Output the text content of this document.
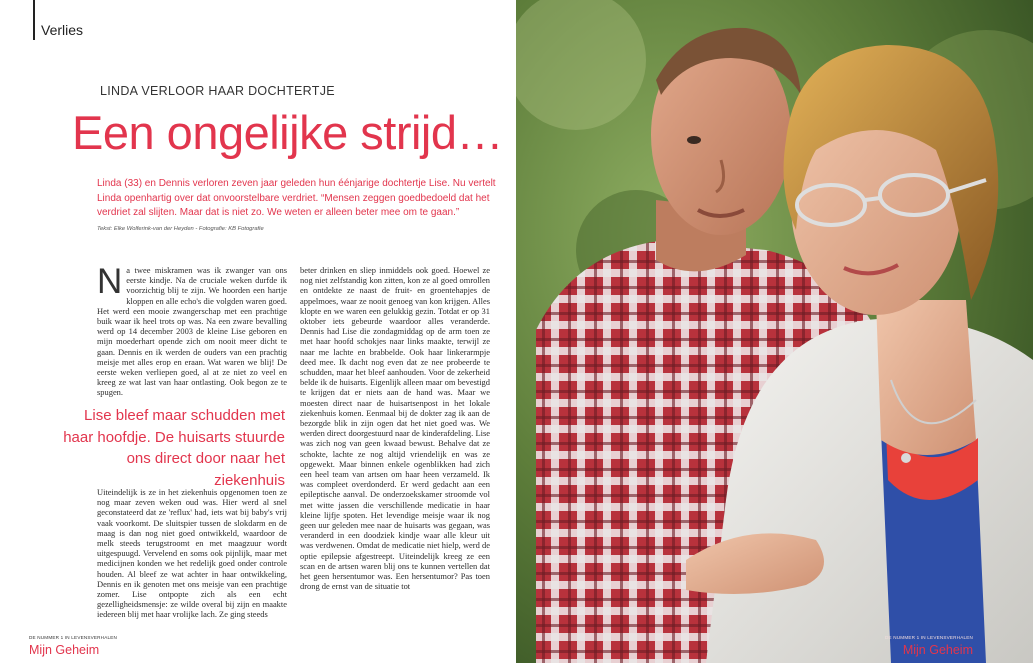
Verlies
LINDA VERLOOR HAAR DOCHTERTJE
Een ongelijke strijd…
Linda (33) en Dennis verloren zeven jaar geleden hun éénjarige dochtertje Lise. Nu vertelt Linda openhartig over dat onvoorstelbare verdriet. “Mensen zeggen goedbedoeld dat het verdriet zal slijten. Maar dat is niet zo. We weten er alleen beter mee om te gaan.”
Tekst: Elke Wolferink-van der Heyden - Fotografie: KB Fotografie
N a twee miskramen was ik zwanger van ons eerste kindje. Na de cruciale weken durfde ik voorzichtig blij te zijn. We hoorden een hartje kloppen en alle echo's die volgden waren goed. Het werd een mooie zwangerschap met een prachtige buik waar ik heel trots op was. Na een zware bevalling werd op 14 december 2003 de kleine Lise geboren en mijn moederhart opende zich om nooit meer dicht te gaan. Dennis en ik werden de ouders van een prachtig meisje met alles erop en eraan. Wat waren we blij! De eerste weken verliepen goed, al at ze niet zo veel en kreeg ze wat last van haar ontlasting. Ook begon ze te spugen.
Lise bleef maar schudden met haar hoofdje. De huisarts stuurde ons direct door naar het ziekenhuis
Uiteindelijk is ze in het ziekenhuis opgenomen toen ze nog maar zeven weken oud was. Hier werd al snel geconstateerd dat ze 'reflux' had, iets wat bij baby's vrij vaak voorkomt. De sluitspier tussen de slokdarm en de maag is dan nog niet goed ontwikkeld, waardoor de melk steeds terugstroomt en met maagzuur wordt uitgespuugd. Vervelend en soms ook pijnlijk, maar met medicijnen konden we het redelijk goed onder controle houden. Al bleef ze wat achter in haar ontwikkeling, Dennis en ik genoten met ons meisje van een prachtige zomer. Lise ontpopte zich als een echt gezelligheidsmensje: ze wilde overal bij zijn en maakte iedereen blij met haar vrolijke lach. Ze ging steeds
beter drinken en sliep inmiddels ook goed. Hoewel ze nog niet zelfstandig kon zitten, kon ze al goed omrollen en ontdekte ze naast de fruit- en groentehapjes de appelmoes, waar ze nooit genoeg van kon krijgen. Alles klopte en we waren een gelukkig gezin. Totdat er op 31 oktober iets gebeurde waardoor alles veranderde. Dennis had Lise die zondagmiddag op de arm toen ze met haar hoofd schokjes naar links maakte, terwijl ze naar me lachte en brabbelde. Ook haar linkerarmpje deed mee. Ik dacht nog even dat ze nee probeerde te schudden, maar het bleef aanhouden. Voor de zekerheid belde ik de huisarts. Eigenlijk alleen maar om bevestigd te krijgen dat er niets aan de hand was. Maar we moesten direct naar de huisartsenpost in het lokale ziekenhuis komen. Eenmaal bij de dokter zag ik aan de bezorgde blik in zijn ogen dat het niet goed was. We werden direct doorgestuurd naar de kinderafdeling. Lise was zich nog van geen kwaad bewust. Behalve dat ze schokte, lachte ze nog altijd vriendelijk en was ze opgewekt. Maar binnen enkele ogenblikken had zich een heel team van artsen om haar heen verzameld. Ik was compleet overdonderd. Er werd gedacht aan een epileptische aanval. De onderzoekskamer stroomde vol met witte jassen die verschillende medicatie in haar kleine lijfje spoten. Het levendige meisje waar ik nog geen uur geleden mee naar de huisarts was gegaan, was veranderd in een doodziek kindje waar alle kleur uit was verdwenen. Omdat de medicatie niet hielp, werd de optie epilepsie afgestreept. Uiteindelijk kreeg ze een scan en de artsen waren blij ons te kunnen vertellen dat het geen hersentumor was. Een hersentumor? Pas toen drong de ernst van de situatie tot
DE NUMMER 1 IN LEVENSVERHALEN
Mijn Geheim
DE NUMMER 1 IN LEVENSVERHALEN
Mijn Geheim
